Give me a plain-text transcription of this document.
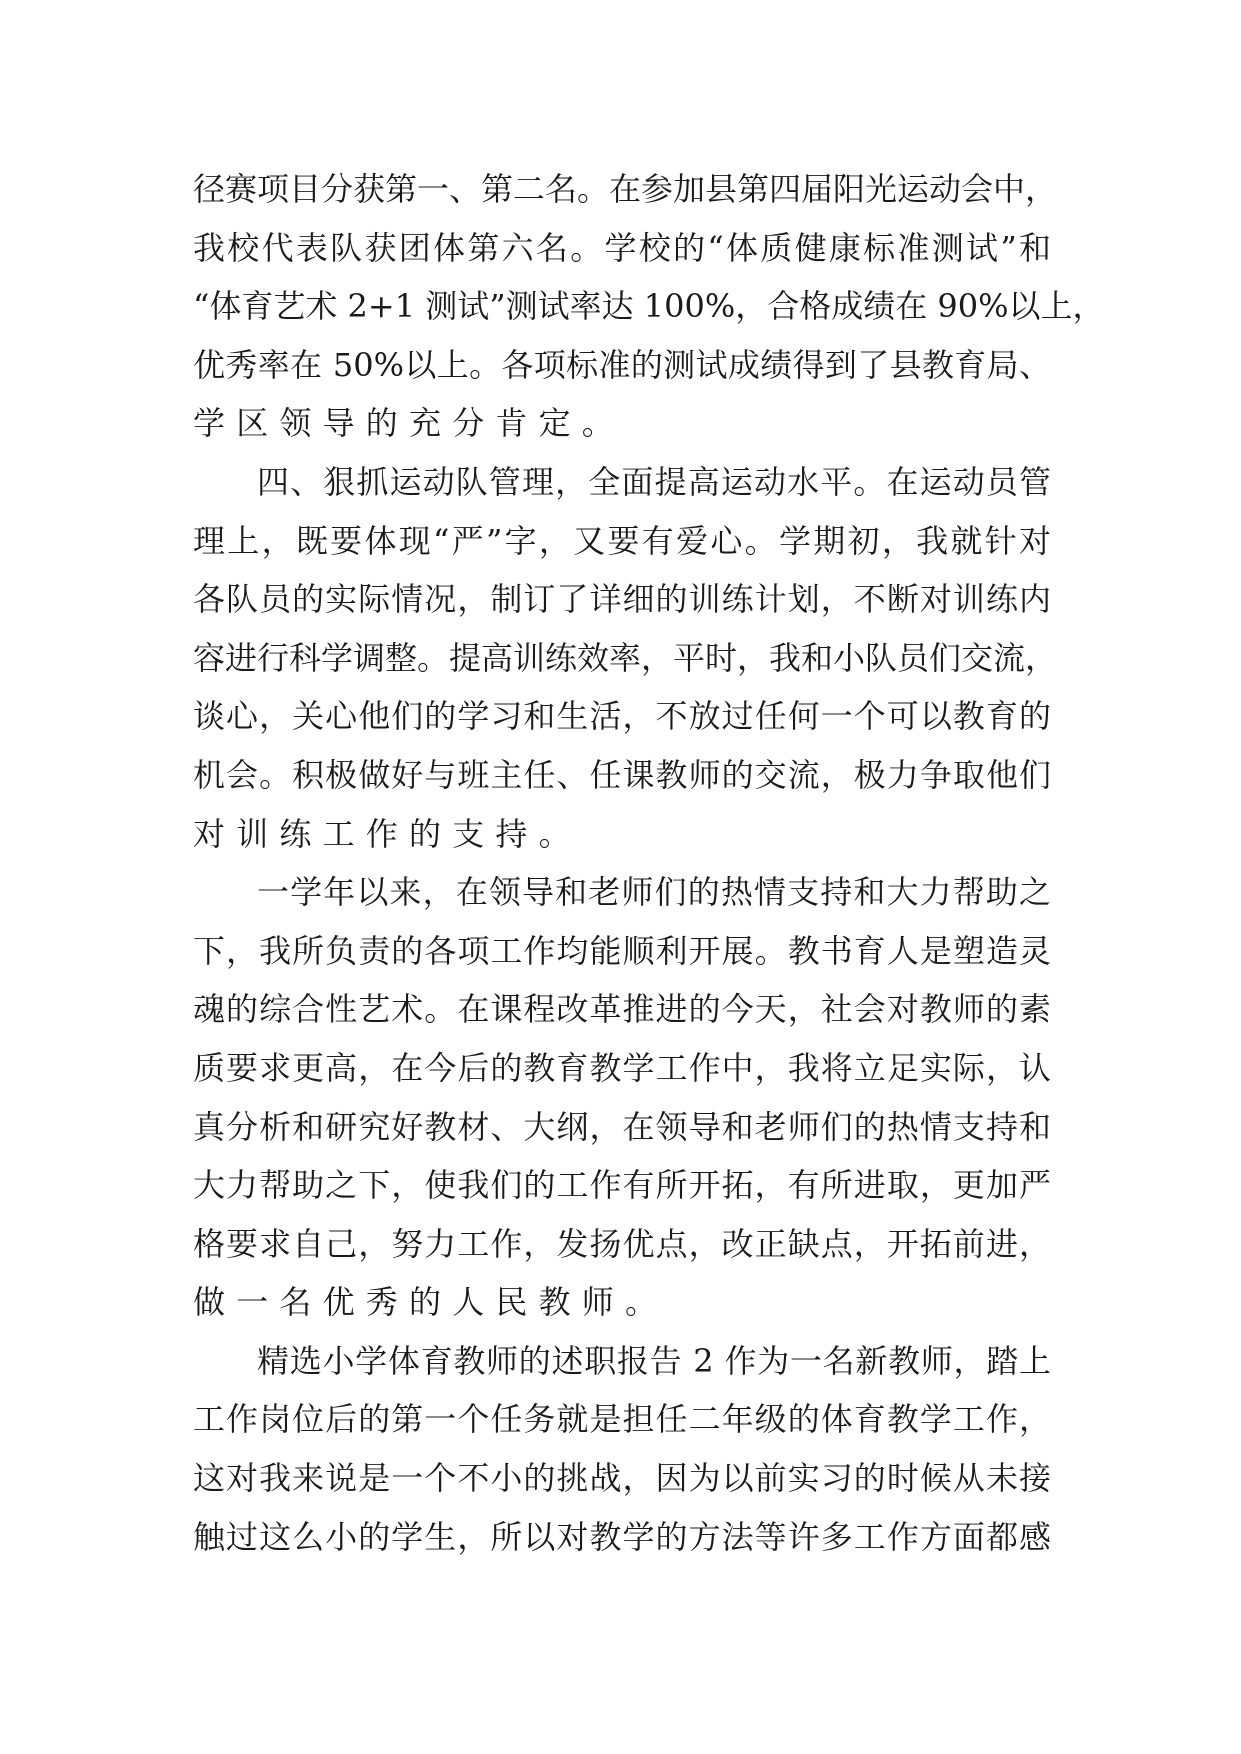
径赛项目分获第一、第二名。在参加县第四届阳光运动会中，
我校代表队获团体第六名。学校的“体质健康标准测试”和
“体育艺术 2+1 测试”测试率达 100%，合格成绩在 90%以上，
优秀率在 50%以上。各项标准的测试成绩得到了县教育局、
学区领导的充分肯定。
四、狠抓运动队管理，全面提高运动水平。在运动员管
理上，既要体现“严”字，又要有爱心。学期初，我就针对
各队员的实际情况，制订了详细的训练计划，不断对训练内
容进行科学调整。提高训练效率，平时，我和小队员们交流，
谈心，关心他们的学习和生活，不放过任何一个可以教育的
机会。积极做好与班主任、任课教师的交流，极力争取他们
对训练工作的支持。
一学年以来，在领导和老师们的热情支持和大力帮助之
下，我所负责的各项工作均能顺利开展。教书育人是塑造灵
魂的综合性艺术。在课程改革推进的今天，社会对教师的素
质要求更高，在今后的教育教学工作中，我将立足实际，认
真分析和研究好教材、大纲，在领导和老师们的热情支持和
大力帮助之下，使我们的工作有所开拓，有所进取，更加严
格要求自己，努力工作，发扬优点，改正缺点，开拓前进，
做一名优秀的人民教师。
精选小学体育教师的述职报告 2 作为一名新教师，踏上
工作岗位后的第一个任务就是担任二年级的体育教学工作，
这对我来说是一个不小的挑战，因为以前实习的时候从未接
触过这么小的学生，所以对教学的方法等许多工作方面都感
